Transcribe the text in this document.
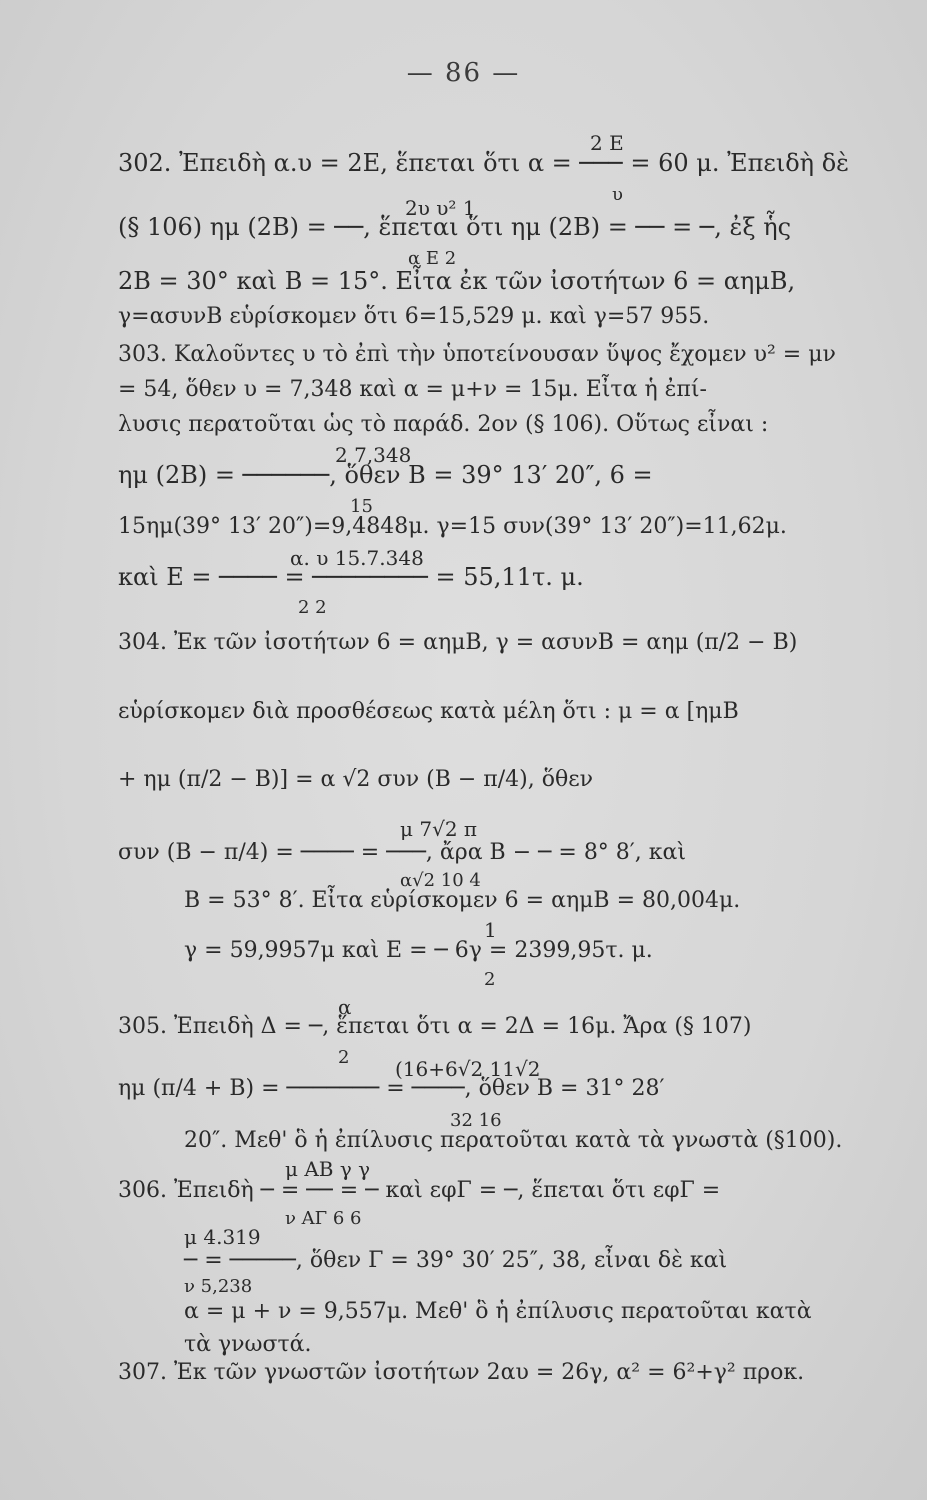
— 86 —
2 E
302. Ἐπειδὴ α.υ = 2Ε, ἕπεται ὅτι α = ─── = 60 μ. Ἐπειδὴ δὲ
υ
2υ υ² 1
(§ 106) ημ (2Β) = ──, ἕπεται ὅτι ημ (2Β) = ── = ─, ἐξ ἧς
α Ε 2
2Β = 30° καὶ Β = 15°. Εἶτα ἐκ τῶν ἰσοτήτων 6 = αημΒ,
γ=ασυνΒ εὑρίσκομεν ὅτι 6=15,529 μ. καὶ γ=57 955.
303. Καλοῦντες υ τὸ ἐπὶ τὴν ὑποτείνουσαν ὕψος ἔχομεν υ² = μν
= 54, ὅθεν υ = 7,348 καὶ α = μ+ν = 15μ. Εἶτα ἡ ἐπί-
λυσις περατοῦται ὡς τὸ παράδ. 2ον (§ 106). Οὕτως εἶναι :
2 7,348
ημ (2Β) = ──────, ὅθεν Β = 39° 13′ 20″, 6 =
15
15ημ(39° 13′ 20″)=9,4848μ. γ=15 συν(39° 13′ 20″)=11,62μ.
α. υ 15.7.348
καὶ Ε = ──── = ──────── = 55,11τ. μ.
2 2
304. Ἐκ τῶν ἰσοτήτων 6 = αημΒ, γ = ασυνΒ = αημ (π/2 − Β)
εὑρίσκομεν διὰ προσθέσεως κατὰ μέλη ὅτι : μ = α [ημΒ
+ ημ (π/2 − Β)] = α √2 συν (Β − π/4), ὅθεν
μ 7√2 π
συν (Β − π/4) = ──── = ───, ἄρα Β − ─ = 8° 8′, καὶ
α√2 10 4
Β = 53° 8′. Εἶτα εὑρίσκομεν 6 = αημΒ = 80,004μ.
1
γ = 59,9957μ καὶ Ε = ─ 6γ = 2399,95τ. μ.
2
α
305. Ἐπειδὴ Δ = ─, ἕπεται ὅτι α = 2Δ = 16μ. Ἄρα (§ 107)
2 (16+6√2 11√2
ημ (π/4 + Β) = ─────── = ────, ὅθεν Β = 31° 28′
32 16
20″. Μεθ' ὃ ἡ ἐπίλυσις περατοῦται κατὰ τὰ γνωστὰ (§100).
μ ΑΒ γ γ
306. Ἐπειδὴ ─ = ── = ─ καὶ εφΓ = ─, ἕπεται ὅτι εφΓ =
ν ΑΓ 6 6
μ 4.319
─ = ─────, ὅθεν Γ = 39° 30′ 25″, 38, εἶναι δὲ καὶ
ν 5,238
α = μ + ν = 9,557μ. Μεθ' ὃ ἡ ἐπίλυσις περατοῦται κατὰ
τὰ γνωστά.
307. Ἐκ τῶν γνωστῶν ἰσοτήτων 2αυ = 26γ, α² = 6²+γ² προκ.
